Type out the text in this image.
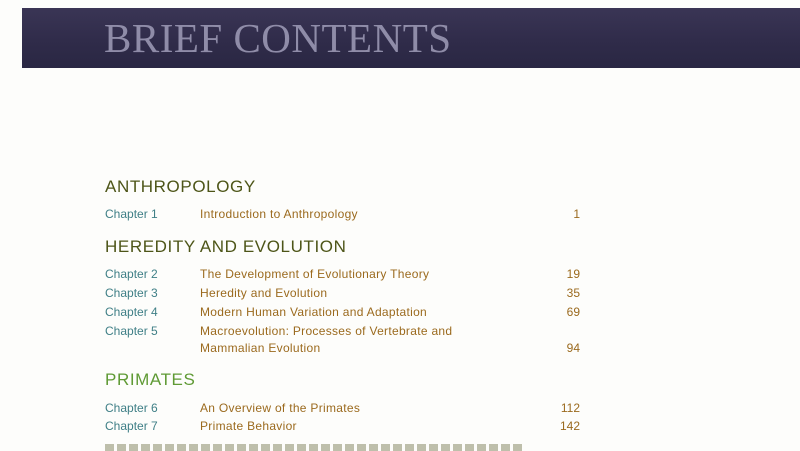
BRIEF CONTENTS
ANTHROPOLOGY
Chapter 1	Introduction to Anthropology	1
HEREDITY AND EVOLUTION
Chapter 2	The Development of Evolutionary Theory	19
Chapter 3	Heredity and Evolution	35
Chapter 4	Modern Human Variation and Adaptation	69
Chapter 5	Macroevolution: Processes of Vertebrate and
Mammalian Evolution	94
PRIMATES
Chapter 6	An Overview of the Primates	112
Chapter 7	Primate Behavior	142
